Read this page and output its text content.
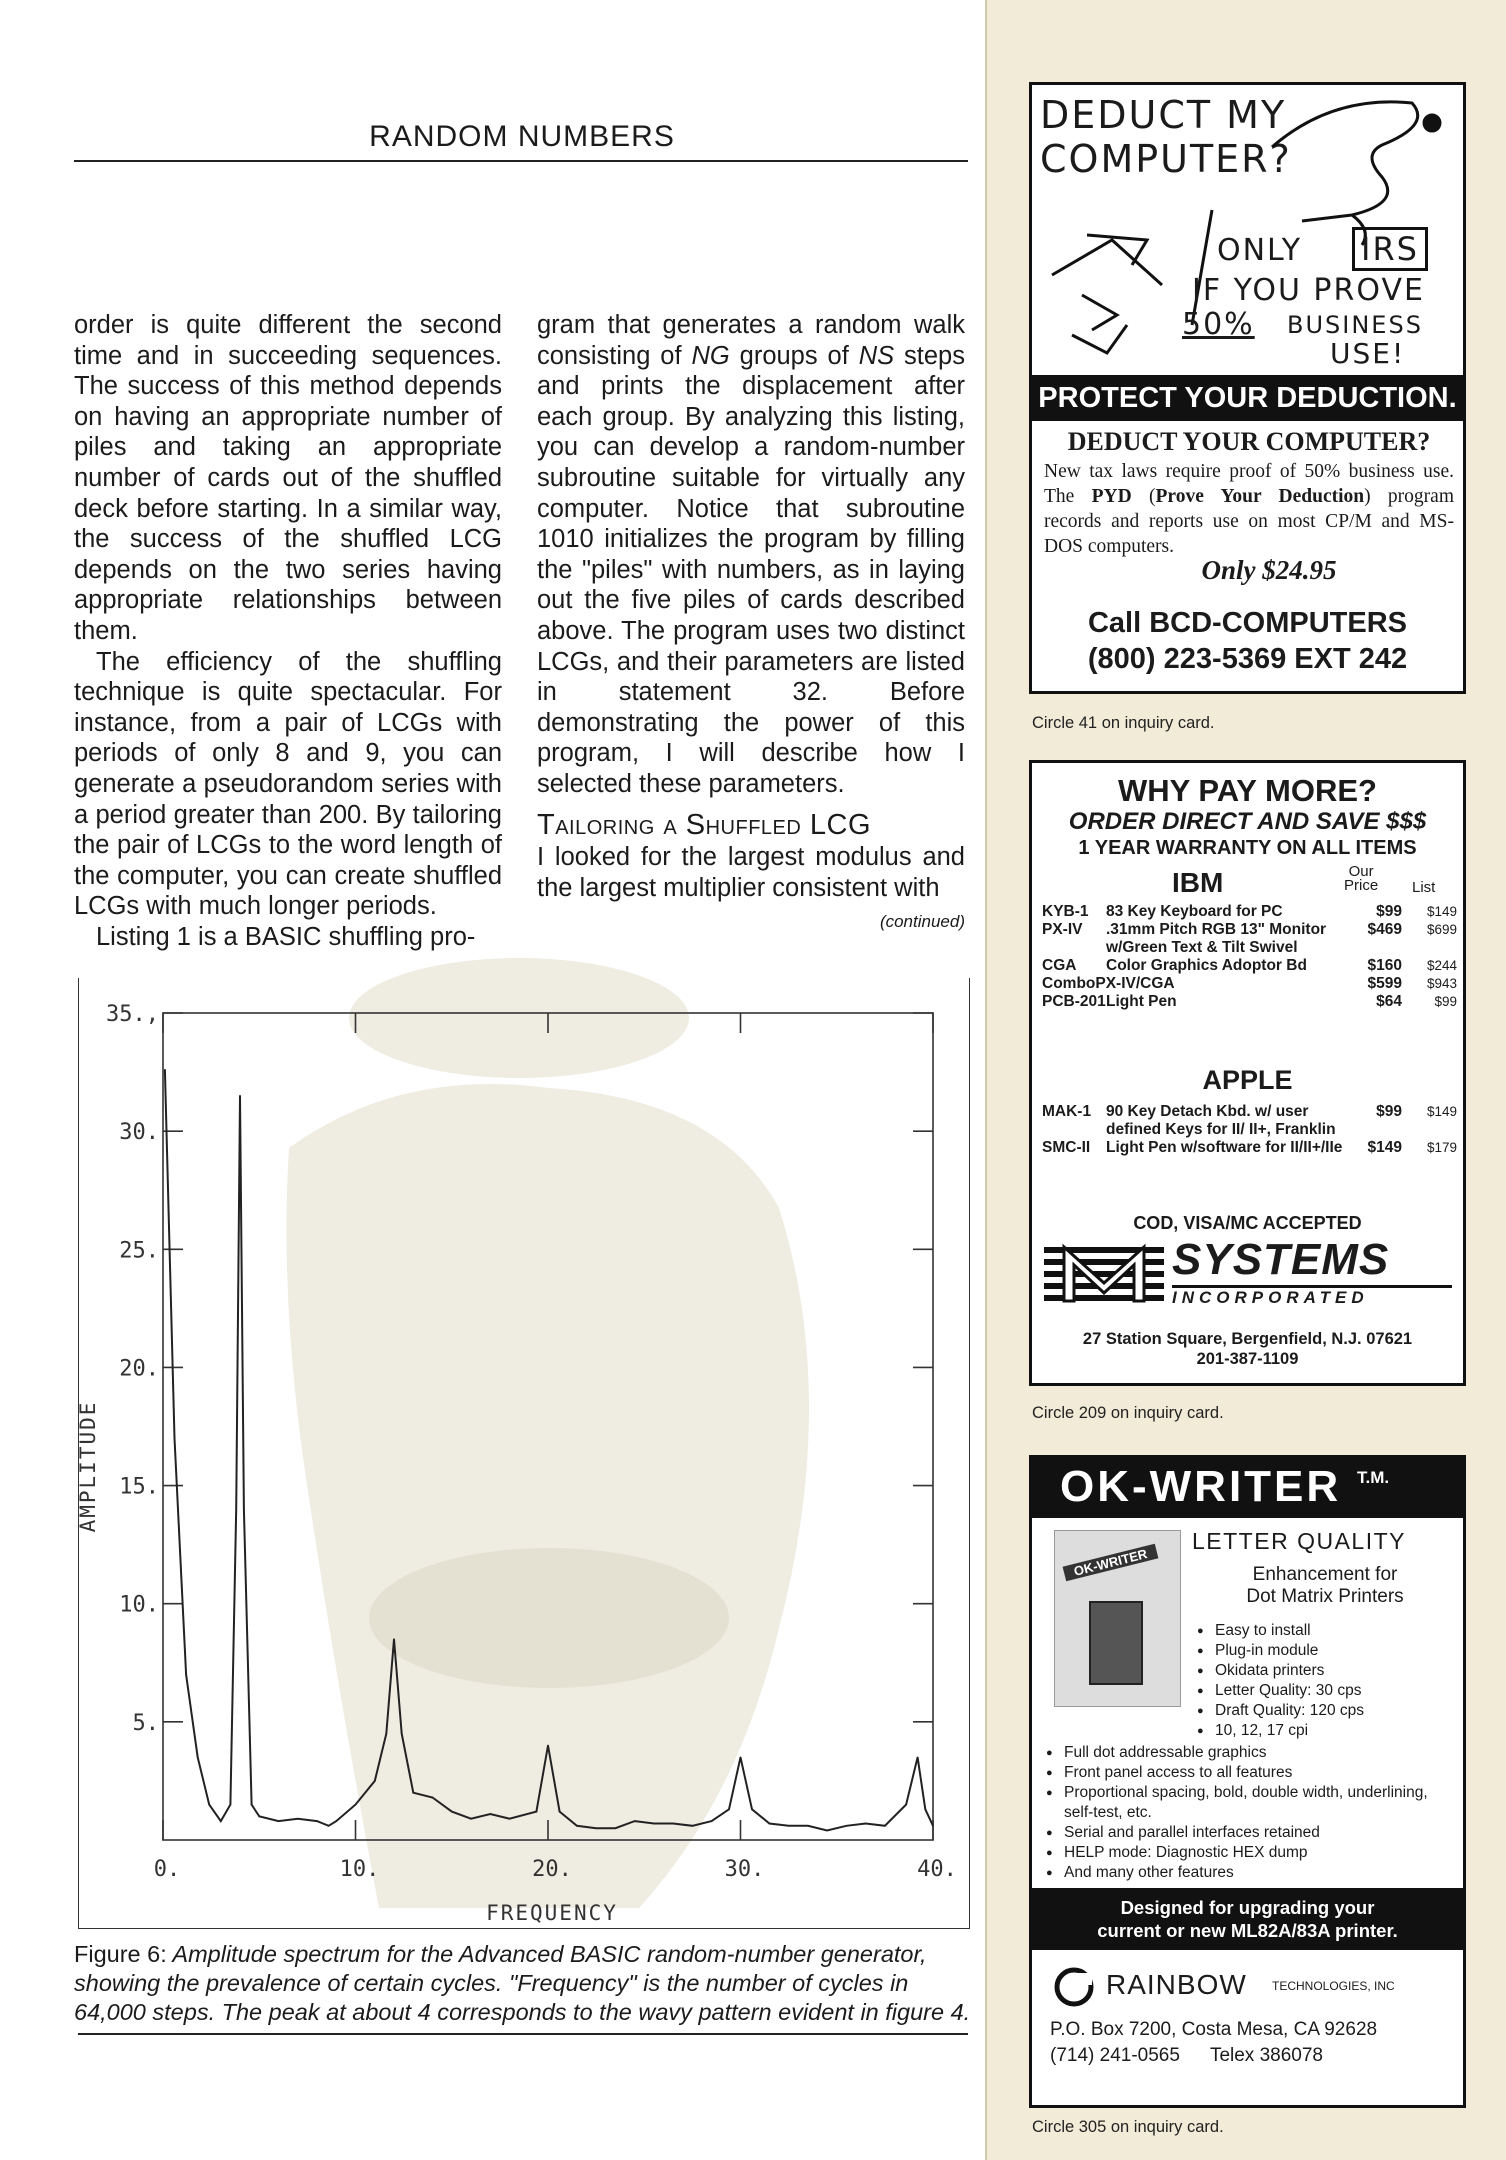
RANDOM NUMBERS

order is quite different the second time and in succeeding sequences. The success of this method depends on having an appropriate number of piles and taking an appropriate number of cards out of the shuffled deck before starting. In a similar way, the success of the shuffled LCG depends on the two series having appropriate relationships between them.

The efficiency of the shuffling technique is quite spectacular. For instance, from a pair of LCGs with periods of only 8 and 9, you can generate a pseudorandom series with a period greater than 200. By tailoring the pair of LCGs to the word length of the computer, you can create shuffled LCGs with much longer periods.

Listing 1 is a BASIC shuffling pro-

gram that generates a random walk consisting of NG groups of NS steps and prints the displacement after each group. By analyzing this listing, you can develop a random-number subroutine suitable for virtually any computer. Notice that subroutine 1010 initializes the program by filling the "piles" with numbers, as in laying out the five piles of cards described above. The program uses two distinct LCGs, and their parameters are listed in statement 32. Before demonstrating the power of this program, I will describe how I selected these parameters.

Tailoring a Shuffled LCG

I looked for the largest modulus and the largest multiplier consistent with

(continued)
5.
10.
15.
20.
25.
30.
35.,
0.	10.	20.	30.	40.
FREQUENCY
AMPLITUDE
Figure 6: Amplitude spectrum for the Advanced BASIC random-number generator, showing the prevalence of certain cycles. "Frequency" is the number of cycles in 64,000 steps. The peak at about 4 corresponds to the wavy pattern evident in figure 4.
DEDUCT MY
COMPUTER?
ONLY IRS
IF YOU PROVE
50% BUSINESS
USE!
PROTECT YOUR DEDUCTION.
DEDUCT YOUR COMPUTER?
New tax laws require proof of 50% business use. The PYD (Prove Your Deduction) program records and reports use on most CP/M and MS-DOS computers.
Only $24.95
Call BCD-COMPUTERS
(800) 223-5369 EXT 242
Circle 41 on inquiry card.
WHY PAY MORE?
ORDER DIRECT AND SAVE $$$
1 YEAR WARRANTY ON ALL ITEMS
IBM	Our
Price List
KYB-1	83 Key Keyboard for PC	$99	$149
PX-IV	.31mm Pitch RGB 13" Monitor w/Green Text & Tilt Swivel	$469	$699
CGA	Color Graphics Adoptor Bd	$160	$244
ComboPX-IV/CGA		$599	$943
PCB-201	Light Pen	$64	$99
APPLE
MAK-1	90 Key Detach Kbd. w/ user defined Keys for II/ II+, Franklin	$99	$149
SMC-II	Light Pen w/software for II/II+/IIe	$149	$179
COD, VISA/MC ACCEPTED
SYSTEMS
INCORPORATED
27 Station Square, Bergenfield, N.J. 07621
201-387-1109
Circle 209 on inquiry card.
OK-WRITER T.M.
OK-WRITER
LETTER QUALITY
Enhancement for
Dot Matrix Printers
● Easy to install
● Plug-in module
● Okidata printers
● Letter Quality: 30 cps
● Draft Quality: 120 cps
● 10, 12, 17 cpi
● Full dot addressable graphics
● Front panel access to all features
● Proportional spacing, bold, double width, underlining, self-test, etc.
● Serial and parallel interfaces retained
● HELP mode: Diagnostic HEX dump
● And many other features
Designed for upgrading your
current or new ML82A/83A printer.
RAINBOW TECHNOLOGIES, INC
P.O. Box 7200, Costa Mesa, CA 92628
(714) 241-0565 Telex 386078
Circle 305 on inquiry card.
